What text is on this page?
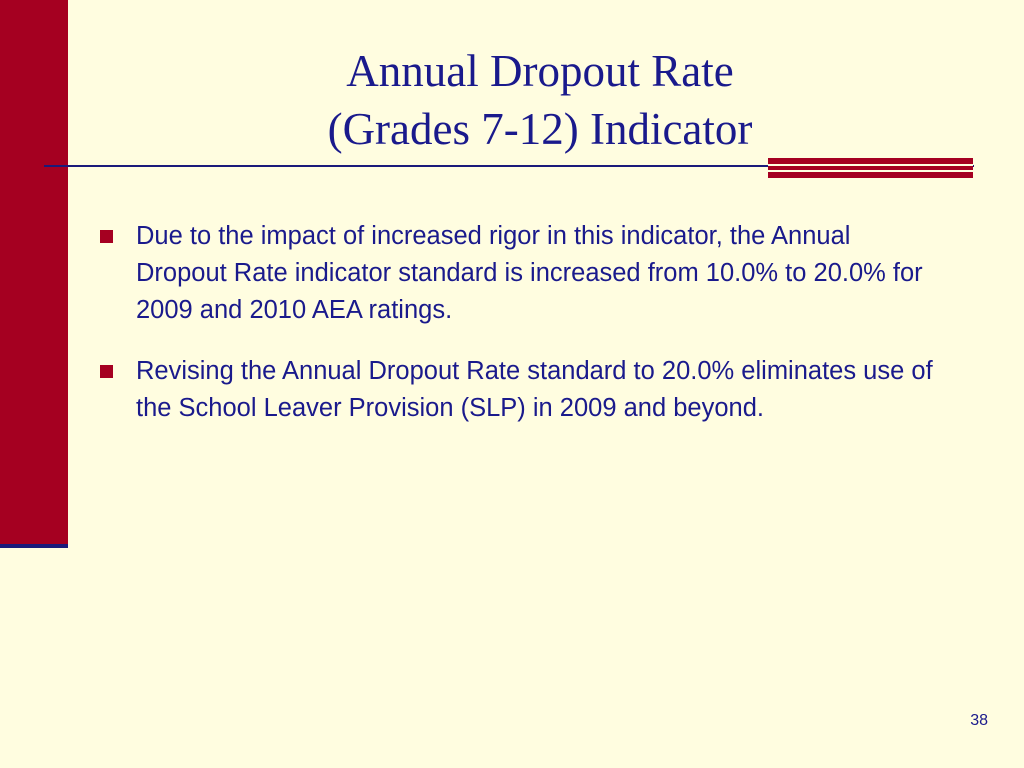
Annual Dropout Rate
(Grades 7-12) Indicator
Due to the impact of increased rigor in this indicator, the Annual Dropout Rate indicator standard is increased from 10.0% to 20.0% for 2009 and 2010 AEA ratings.
Revising the Annual Dropout Rate standard to 20.0% eliminates use of the School Leaver Provision (SLP) in 2009 and beyond.
38
